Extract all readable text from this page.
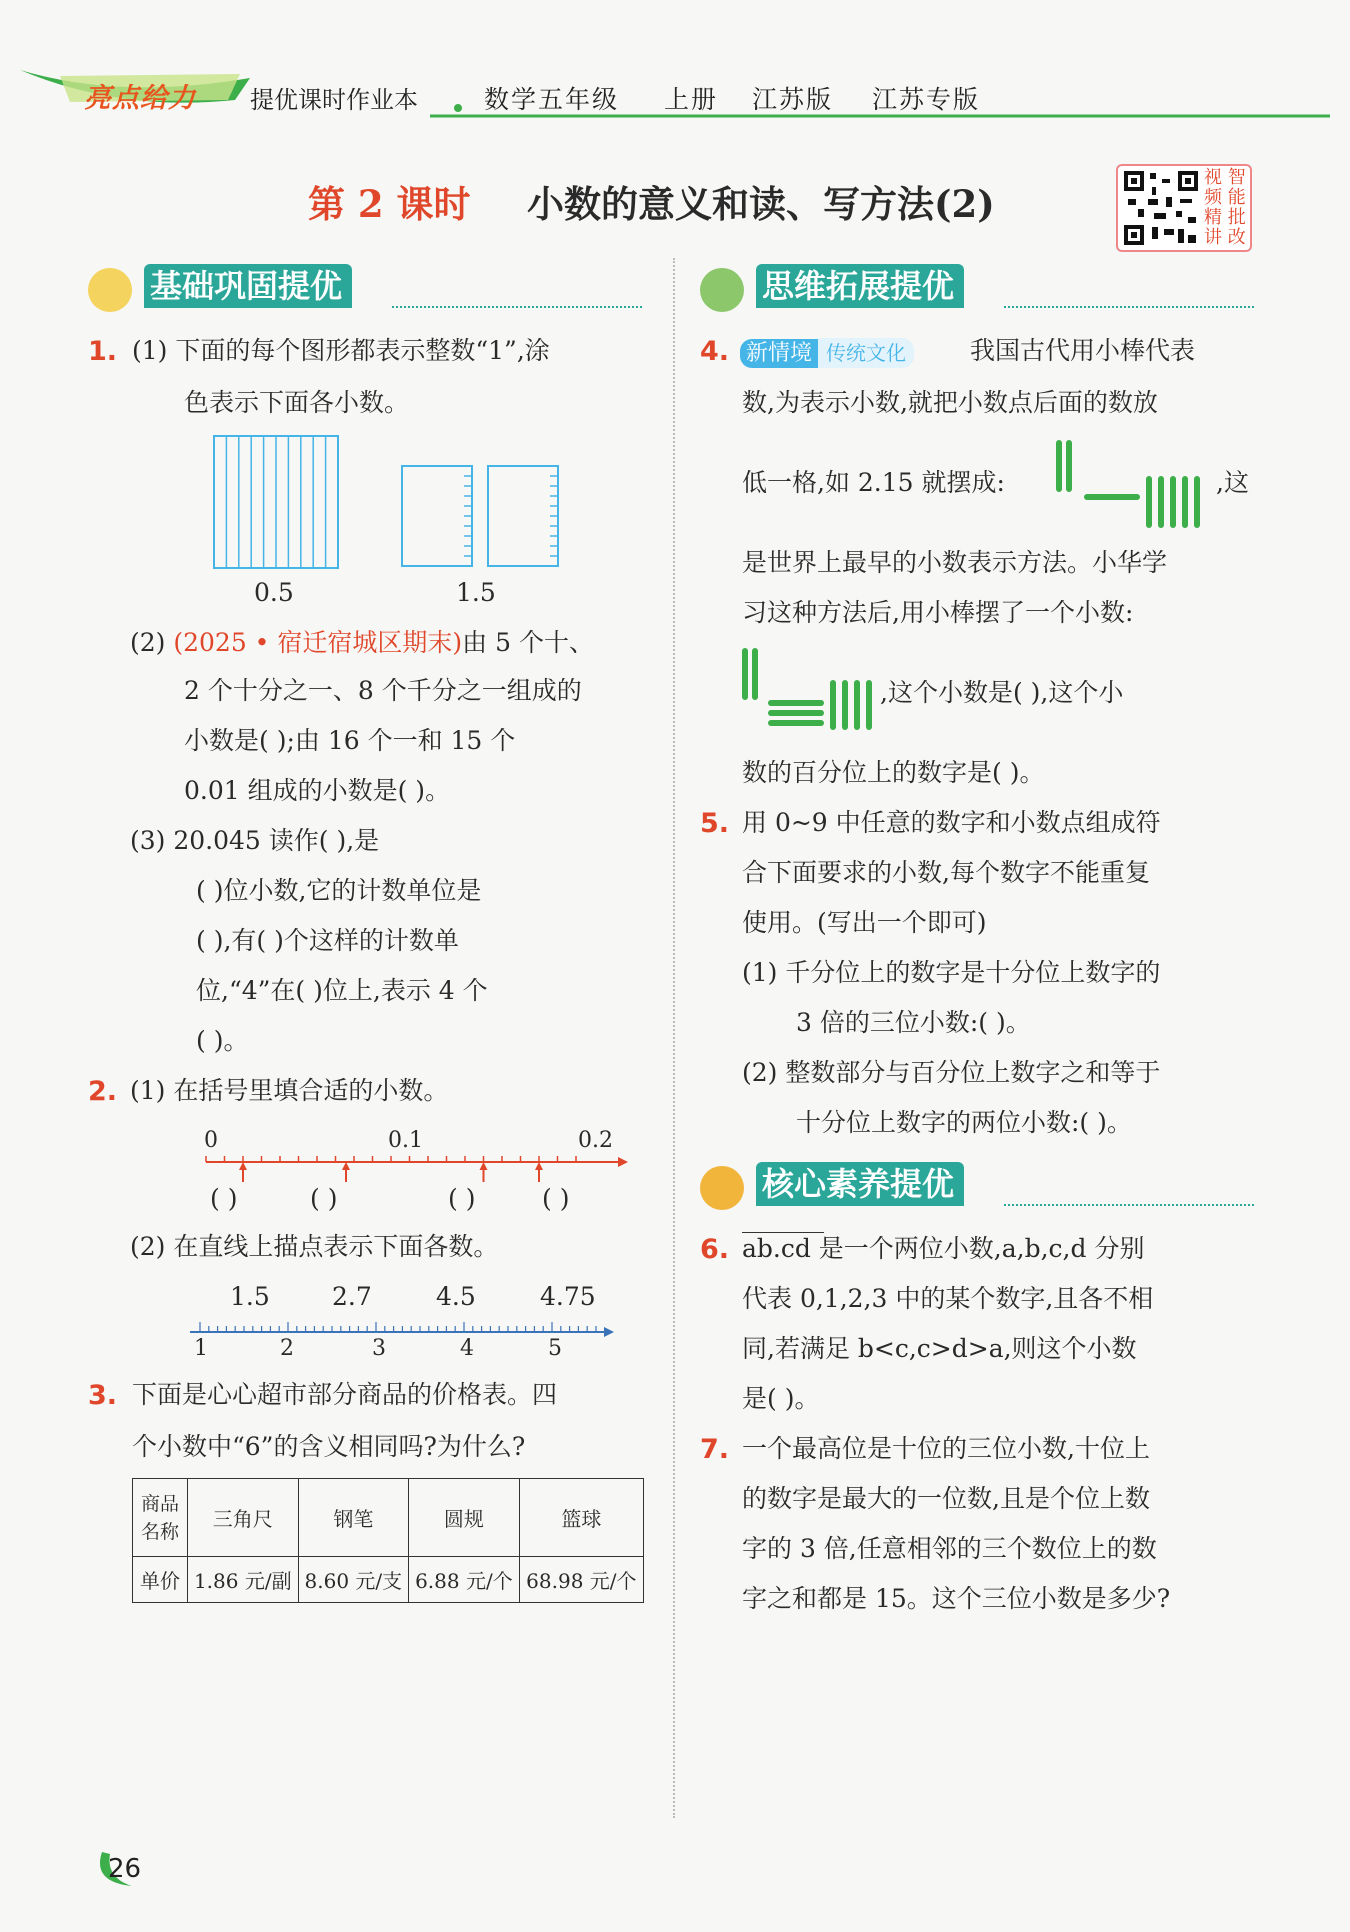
亮点给力 提优课时作业本	数学五年级 上册 江苏版 江苏专版
第 2 课时 小数的意义和读、写方法(2)
视 智
频 能
精 批
讲 改
基础巩固提优
1. (1) 下面的每个图形都表示整数“1”,涂
色表示下面各小数。
0.5	1.5
(2) (2025 • 宿迁宿城区期末)由 5 个十、
2 个十分之一、8 个千分之一组成的
小数是( );由 16 个一和 15 个
0.01 组成的小数是( )。
(3) 20.045 读作( ),是
( )位小数,它的计数单位是
( ),有( )个这样的计数单
位,“4”在( )位上,表示 4 个
( )。
2. (1) 在括号里填合适的小数。
0	0.1	0.2
( )	( )	( )	( )
(2) 在直线上描点表示下面各数。
1.5 2.7	4.5	4.75
1	2	3	4	5
3. 下面是心心超市部分商品的价格表。四
个小数中“6”的含义相同吗?为什么?
商品名称	三角尺	钢笔	圆规	篮球
单价	1.86 元/副	8.60 元/支	6.88 元/个	68.98 元/个
思维拓展提优
4. 新情境 传统文化	我国古代用小棒代表
数,为表示小数,就把小数点后面的数放
低一格,如 2.15 就摆成:	,这
是世界上最早的小数表示方法。小华学
习这种方法后,用小棒摆了一个小数:
,这个小数是( ),这个小
数的百分位上的数字是( )。
5. 用 0~9 中任意的数字和小数点组成符
合下面要求的小数,每个数字不能重复
使用。(写出一个即可)
(1) 千分位上的数字是十分位上数字的
3 倍的三位小数:( )。
(2) 整数部分与百分位上数字之和等于
十分位上数字的两位小数:( )。
核心素养提优
6. ab.cd 是一个两位小数,a,b,c,d 分别
代表 0,1,2,3 中的某个数字,且各不相
同,若满足 b<c,c>d>a,则这个小数
是( )。
7. 一个最高位是十位的三位小数,十位上
的数字是最大的一位数,且是个位上数
字的 3 倍,任意相邻的三个数位上的数
字之和都是 15。这个三位小数是多少?
26
